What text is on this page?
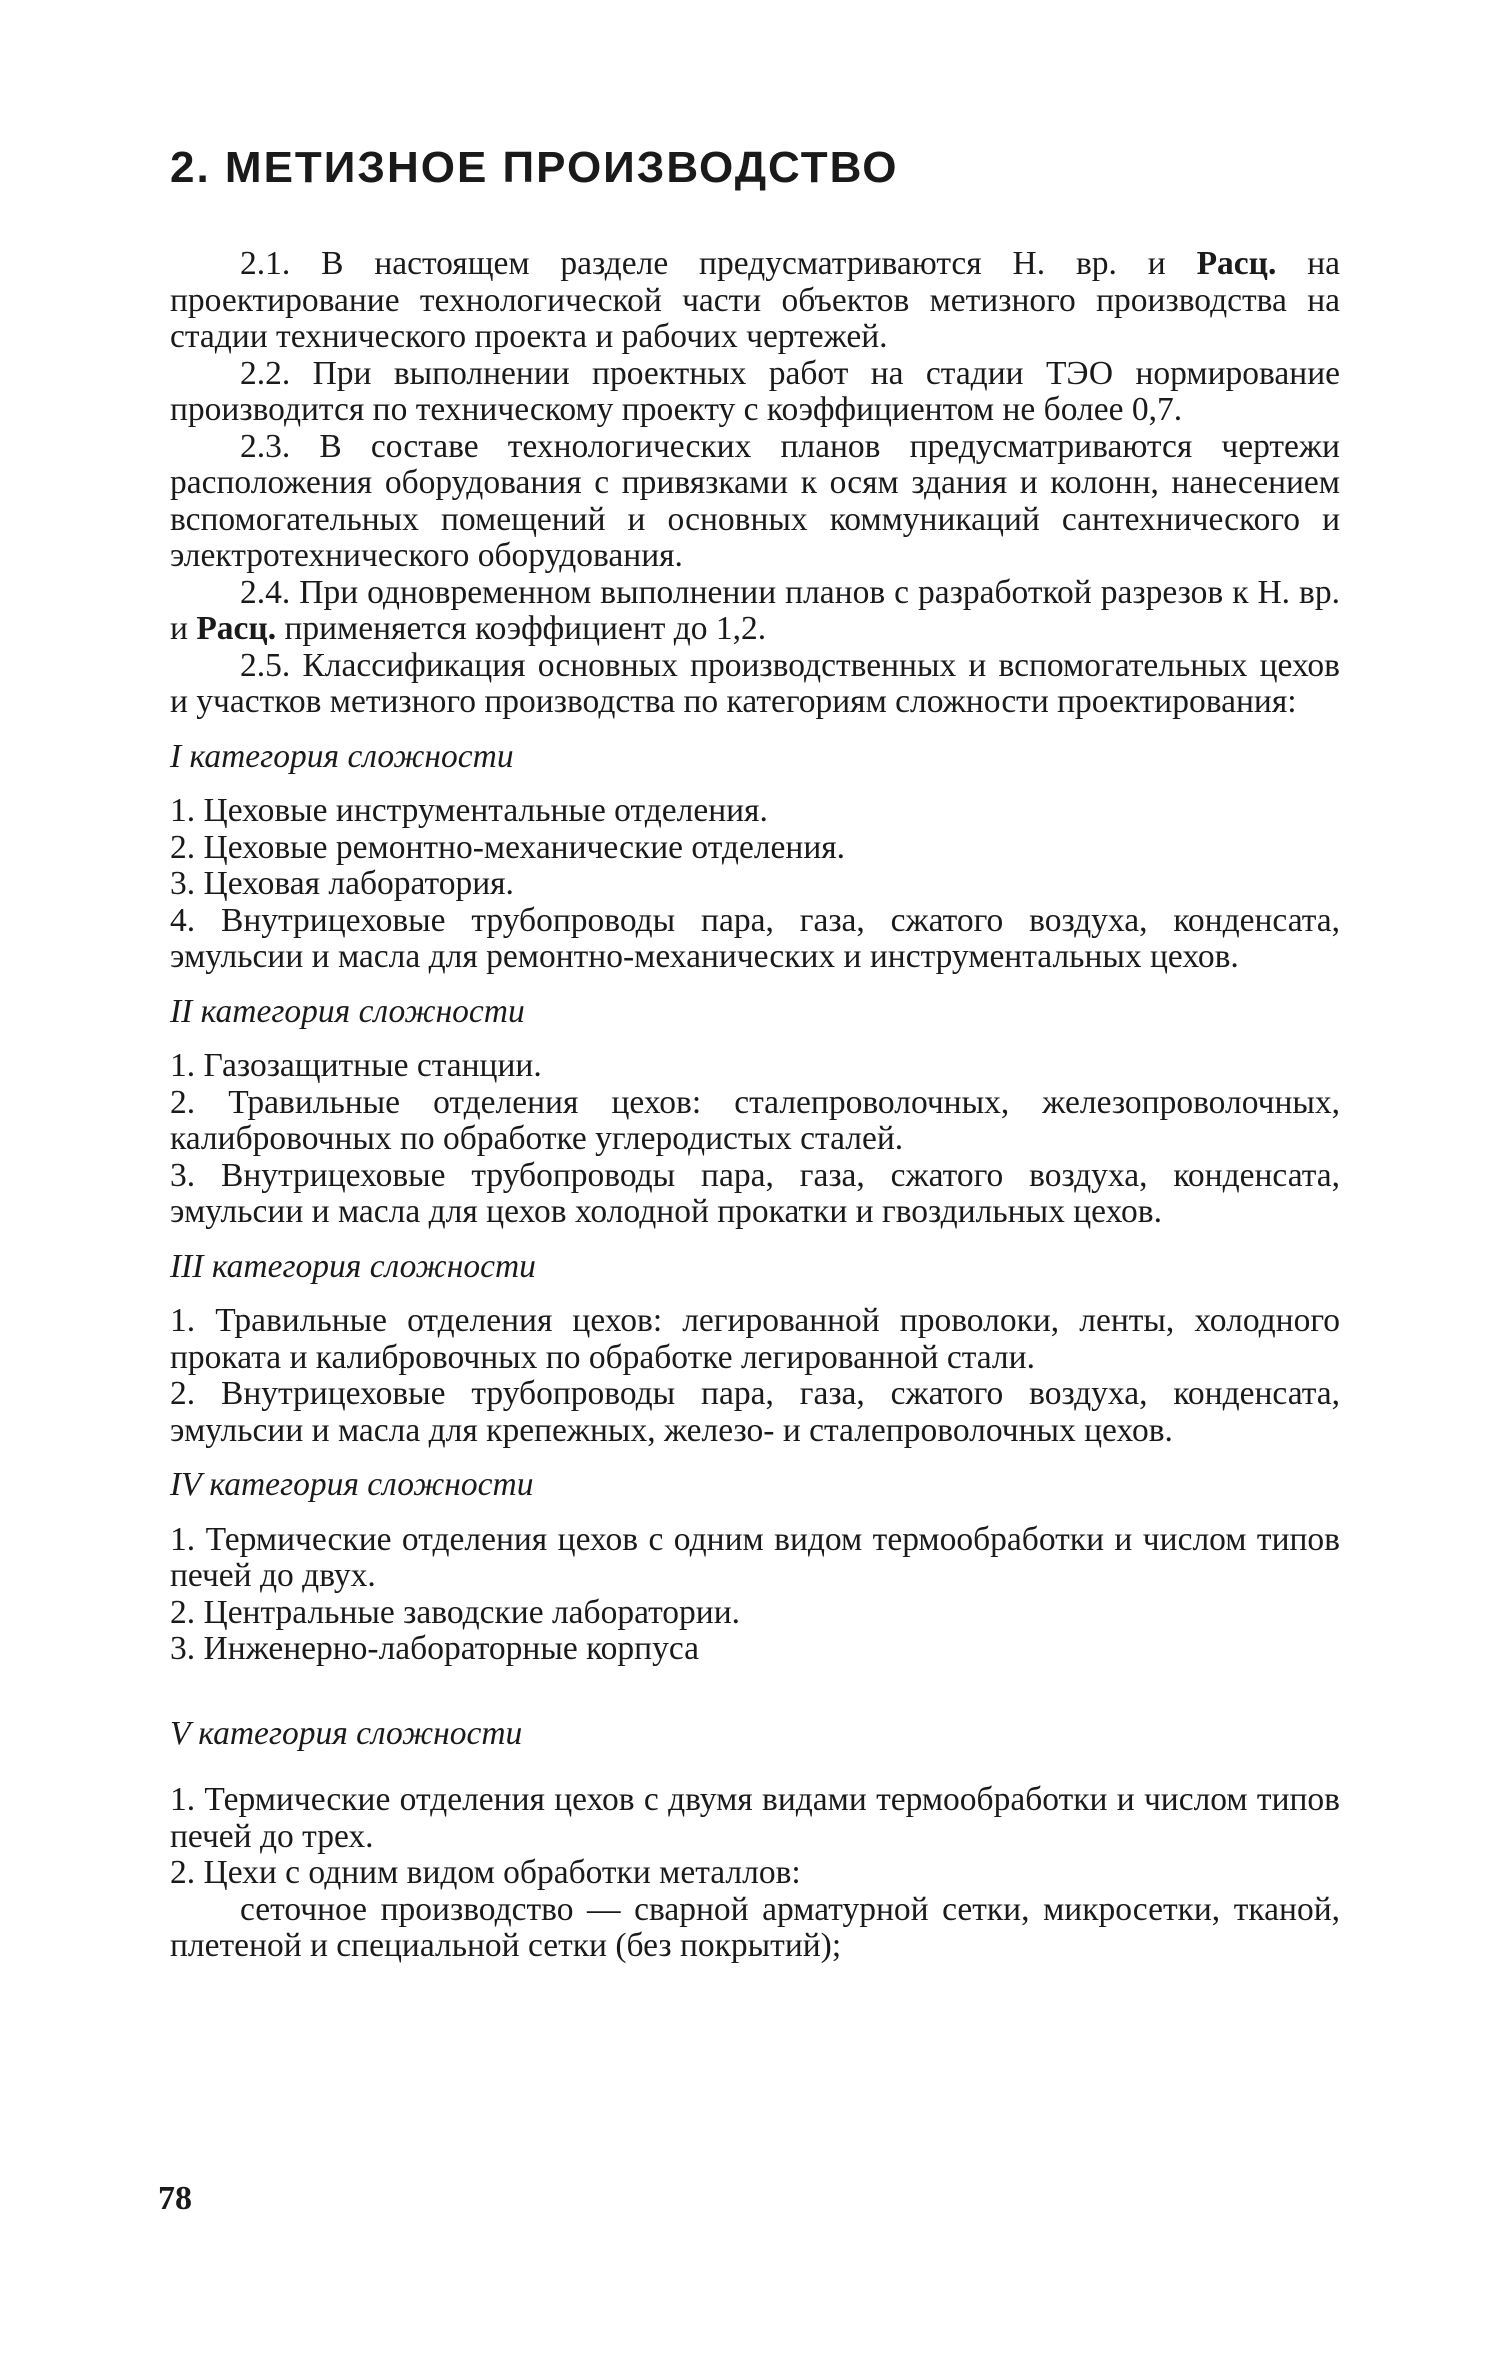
2. МЕТИЗНОЕ ПРОИЗВОДСТВО

2.1. В настоящем разделе предусматриваются Н. вр. и Расц. на проектирование технологической части объектов метизного производства на стадии технического проекта и рабочих чертежей.

2.2. При выполнении проектных работ на стадии ТЭО нормирование производится по техническому проекту с коэффициентом не более 0,7.

2.3. В составе технологических планов предусматриваются чертежи расположения оборудования с привязками к осям здания и колонн, нанесением вспомогательных помещений и основных коммуникаций сантехнического и электротехнического оборудования.

2.4. При одновременном выполнении планов с разработкой разрезов к Н. вр. и Расц. применяется коэффициент до 1,2.

2.5. Классификация основных производственных и вспомогательных цехов и участков метизного производства по категориям сложности проектирования:

I категория сложности

1. Цеховые инструментальные отделения.

2. Цеховые ремонтно-механические отделения.

3. Цеховая лаборатория.

4. Внутрицеховые трубопроводы пара, газа, сжатого воздуха, конденсата, эмульсии и масла для ремонтно-механических и инструментальных цехов.

II категория сложности

1. Газозащитные станции.

2. Травильные отделения цехов: сталепроволочных, железопроволочных, калибровочных по обработке углеродистых сталей.

3. Внутрицеховые трубопроводы пара, газа, сжатого воздуха, конденсата, эмульсии и масла для цехов холодной прокатки и гвоздильных цехов.

III категория сложности

1. Травильные отделения цехов: легированной проволоки, ленты, холодного проката и калибровочных по обработке легированной стали.

2. Внутрицеховые трубопроводы пара, газа, сжатого воздуха, конденсата, эмульсии и масла для крепежных, железо- и сталепроволочных цехов.

IV категория сложности

1. Термические отделения цехов с одним видом термообработки и числом типов печей до двух.

2. Центральные заводские лаборатории.

3. Инженерно-лабораторные корпуса

V категория сложности

1. Термические отделения цехов с двумя видами термообработки и числом типов печей до трех.

2. Цехи с одним видом обработки металлов:

сеточное производство — сварной арматурной сетки, микросетки, тканой, плетеной и специальной сетки (без покрытий);

78
